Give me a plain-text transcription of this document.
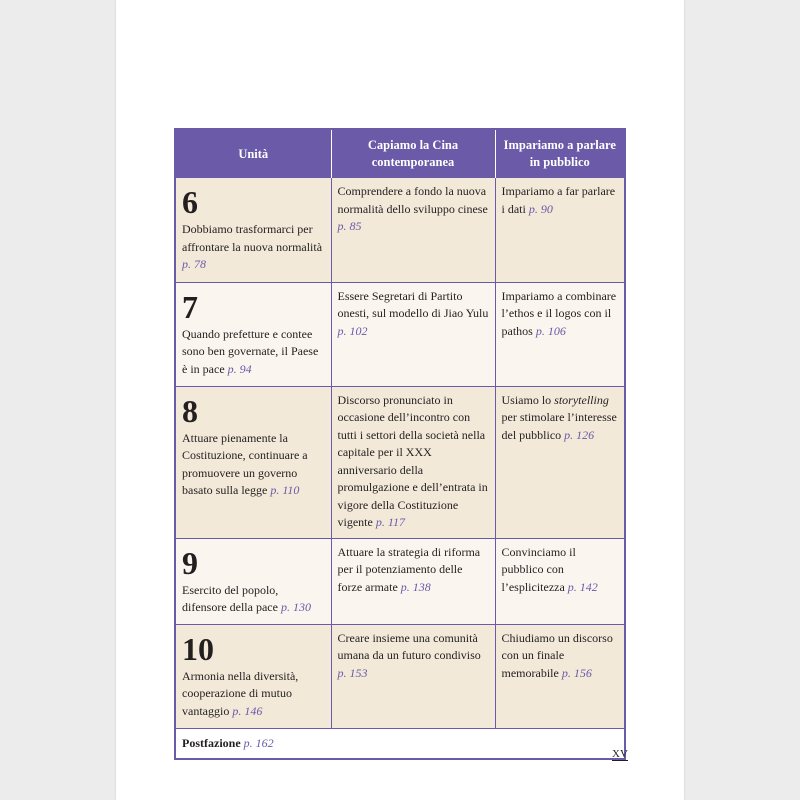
Unità	Capiamo la Cina contemporanea	Impariamo a parlare in pubblico

6
Dobbiamo trasformarci per affrontare la nuova normalità p. 78	Comprendere a fondo la nuova normalità dello sviluppo cinese p. 85	Impariamo a far parlare i dati p. 90

7
Quando prefetture e contee sono ben governate, il Paese è in pace p. 94	Essere Segretari di Partito onesti, sul modello di Jiao Yulu p. 102	Impariamo a combinare l’ethos e il logos con il pathos p. 106

8
Attuare pienamente la Costituzione, continuare a promuovere un governo basato sulla legge p. 110	Discorso pronunciato in occasione dell’incontro con tutti i settori della società nella capitale per il XXX anniversario della promulgazione e dell’entrata in vigore della Costituzione vigente p. 117	Usiamo lo storytelling per stimolare l’interesse del pubblico p. 126

9
Esercito del popolo, difensore della pace p. 130	Attuare la strategia di riforma per il potenziamento delle forze armate p. 138	Convinciamo il pubblico con l’esplicitezza p. 142

10
Armonia nella diversità, cooperazione di mutuo vantaggio p. 146	Creare insieme una comunità umana da un futuro condiviso p. 153	Chiudiamo un discorso con un finale memorabile p. 156
Postfazione p. 162		
XV
